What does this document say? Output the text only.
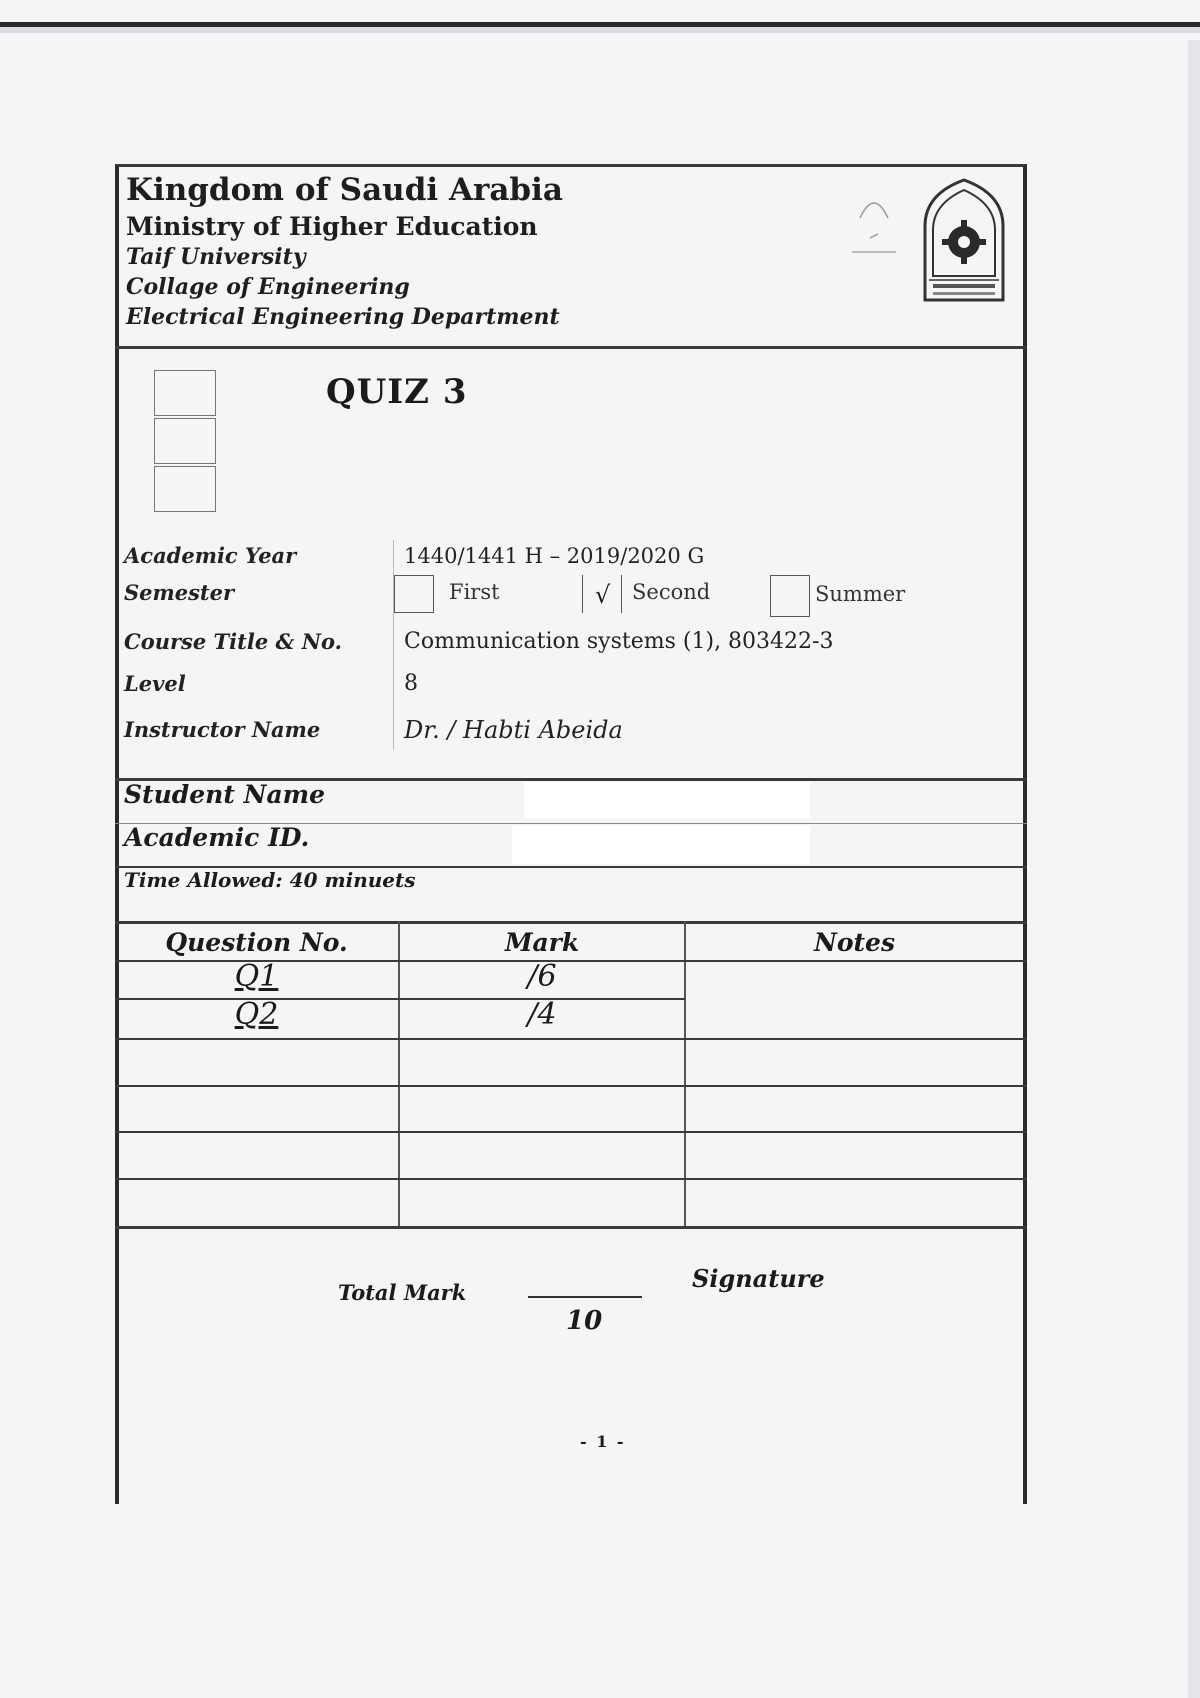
Kingdom of Saudi Arabia
Ministry of Higher Education
Taif University
Collage of Engineering
Electrical Engineering Department
QUIZ 3
Academic Year	1440/1441 H – 2019/2020 G
Semester	First	√ Second	Summer
Course Title & No.	Communication systems (1), 803422-3
Level	8
Instructor Name	Dr. / Habti Abeida
Student Name
Academic ID.
Time Allowed: 40 minuets
Question No.	Mark	Notes
Q1	/6
Q2	/4
Total Mark
10
Signature
- 1 -
